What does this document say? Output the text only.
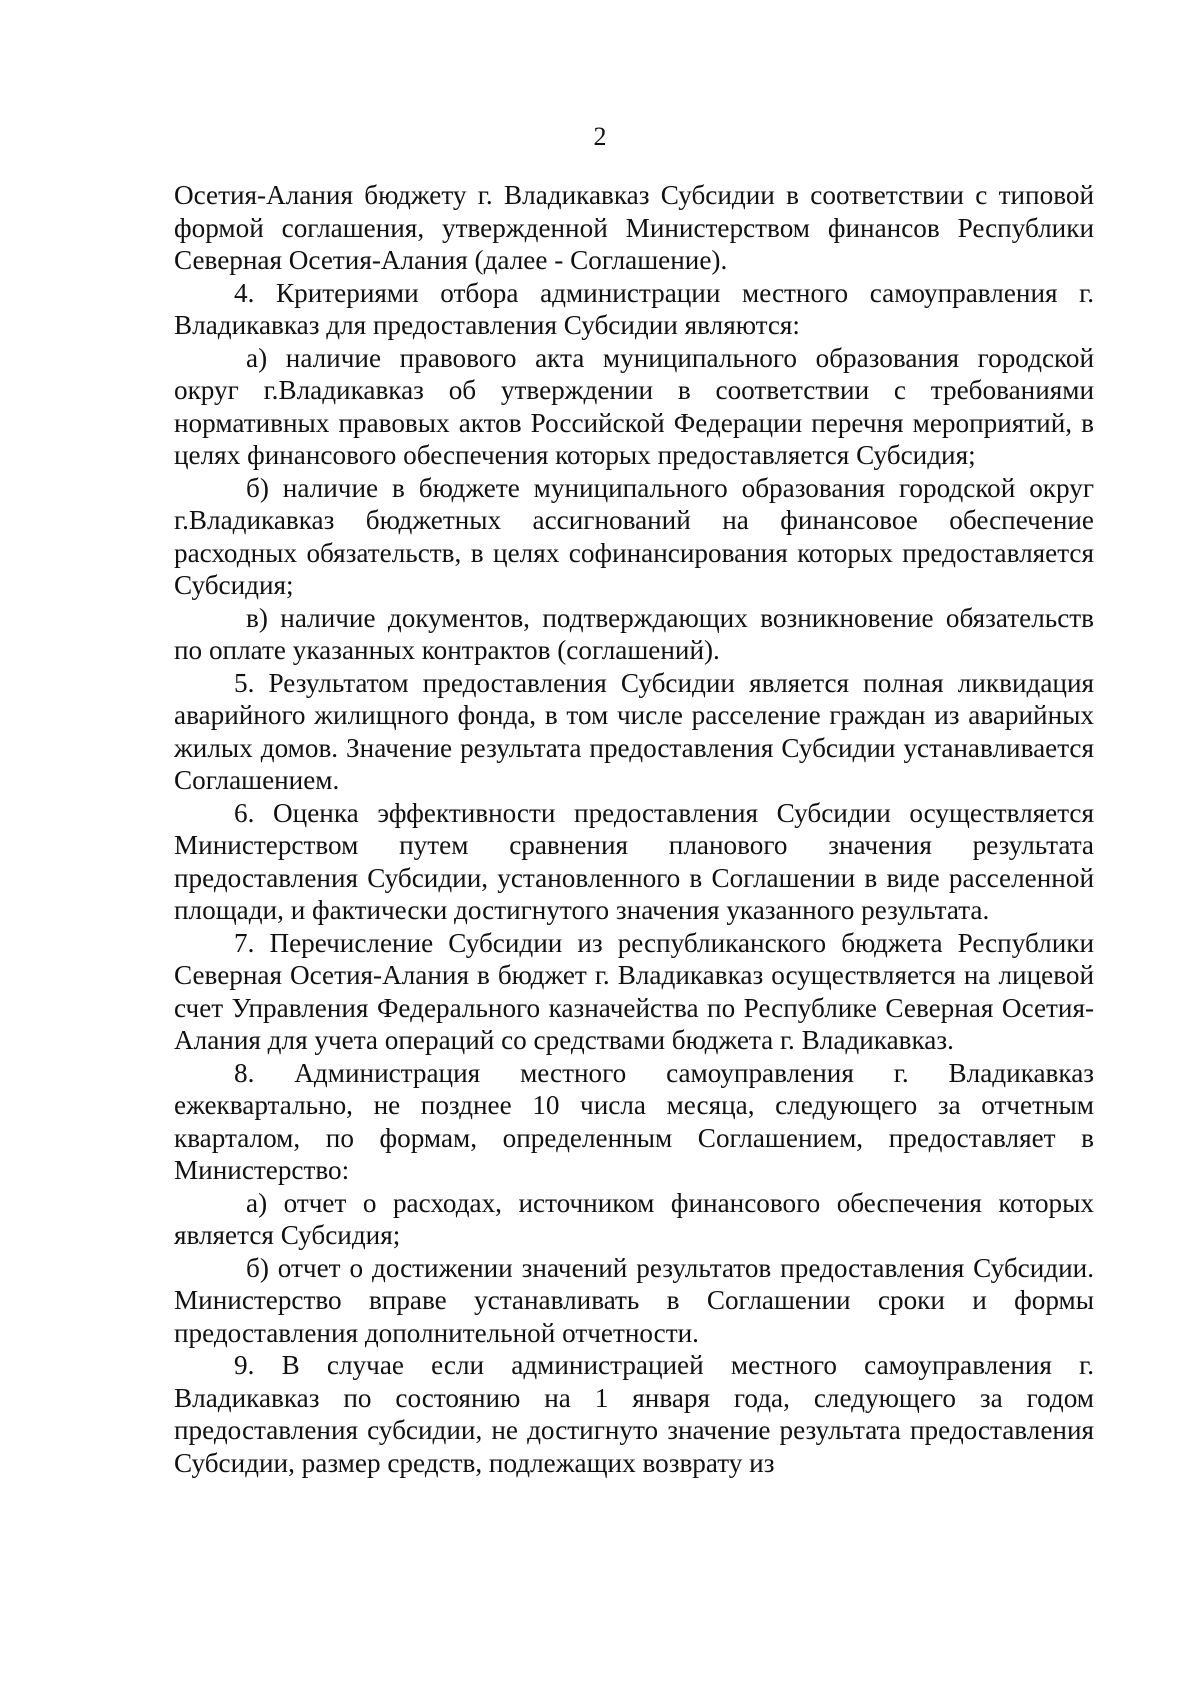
2

Осетия-Алания бюджету г. Владикавказ Субсидии в соответствии с типовой формой соглашения, утвержденной Министерством финансов Республики Северная Осетия-Алания (далее - Соглашение).

4. Критериями отбора администрации местного самоуправления г. Владикавказ для предоставления Субсидии являются:

а) наличие правового акта муниципального образования городской округ г.Владикавказ об утверждении в соответствии с требованиями нормативных правовых актов Российской Федерации перечня мероприятий, в целях финансового обеспечения которых предоставляется Субсидия;

б) наличие в бюджете муниципального образования городской округ г.Владикавказ бюджетных ассигнований на финансовое обеспечение расходных обязательств, в целях софинансирования которых предоставляется Субсидия;

в) наличие документов, подтверждающих возникновение обязательств по оплате указанных контрактов (соглашений).

5. Результатом предоставления Субсидии является полная ликвидация аварийного жилищного фонда, в том числе расселение граждан из аварийных жилых домов. Значение результата предоставления Субсидии устанавливается Соглашением.

6. Оценка эффективности предоставления Субсидии осуществляется Министерством путем сравнения планового значения результата предоставления Субсидии, установленного в Соглашении в виде расселенной площади, и фактически достигнутого значения указанного результата.

7. Перечисление Субсидии из республиканского бюджета Республики Северная Осетия-Алания в бюджет г. Владикавказ осуществляется на лицевой счет Управления Федерального казначейства по Республике Северная Осетия-Алания для учета операций со средствами бюджета г. Владикавказ.

8. Администрация местного самоуправления г. Владикавказ ежеквартально, не позднее 10 числа месяца, следующего за отчетным кварталом, по формам, определенным Соглашением, предоставляет в Министерство:

а) отчет о расходах, источником финансового обеспечения которых является Субсидия;

б) отчет о достижении значений результатов предоставления Субсидии. Министерство вправе устанавливать в Соглашении сроки и формы предоставления дополнительной отчетности.

9. В случае если администрацией местного самоуправления г. Владикавказ по состоянию на 1 января года, следующего за годом предоставления субсидии, не достигнуто значение результата предоставления Субсидии, размер средств, подлежащих возврату из
